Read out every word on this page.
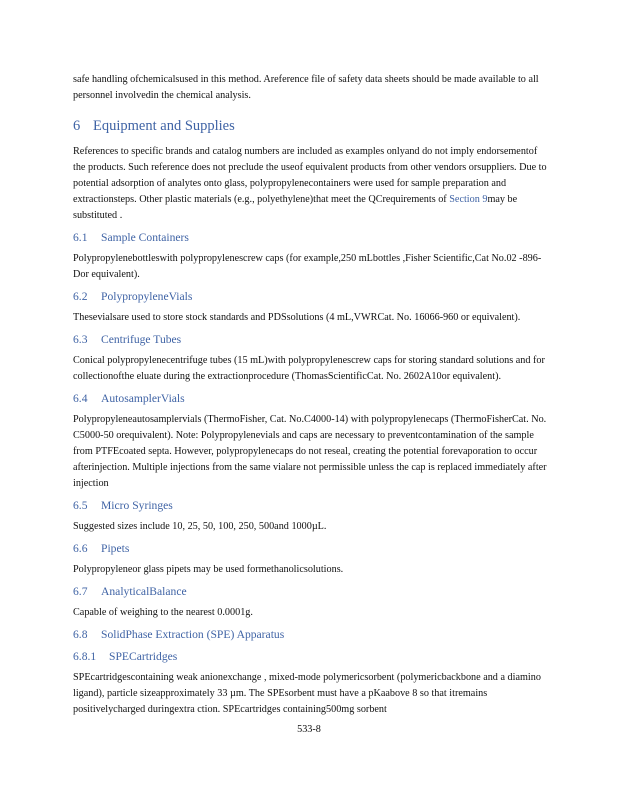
safe handling ofchemicalsused in this method. Areference file of safety data sheets should be made available to all personnel involvedin the chemical analysis.

6 Equipment and Supplies

References to specific brands and catalog numbers are included as examples onlyand do not imply endorsementof the products. Such reference does not preclude the useof equivalent products from other vendors orsuppliers. Due to potential adsorption of analytes onto glass, polypropylenecontainers were used for sample preparation and extractionsteps. Other plastic materials (e.g., polyethylene)that meet the QCrequirements of Section 9may be substituted .

6.1 Sample Containers

Polypropylenebottleswith polypropylenescrew caps (for example,250 mLbottles ,Fisher Scientific,Cat No.02 -896-Dor equivalent).

6.2 PolypropyleneVials

Thesevialsare used to store stock standards and PDSsolutions (4 mL,VWRCat. No. 16066-960 or equivalent).

6.3 Centrifuge Tubes

Conical polypropylenecentrifuge tubes (15 mL)with polypropylenescrew caps for storing standard solutions and for collectionofthe eluate during the extractionprocedure (ThomasScientificCat. No. 2602A10or equivalent).

6.4 AutosamplerVials

Polypropyleneautosamplervials (ThermoFisher, Cat. No.C4000-14) with polypropylenecaps (ThermoFisherCat. No. C5000-50 orequivalent). Note: Polypropylenevials and caps are necessary to preventcontamination of the sample from PTFEcoated septa. However, polypropylenecaps do not reseal, creating the potential forevaporation to occur afterinjection. Multiple injections from the same vialare not permissible unless the cap is replaced immediately after injection

6.5 Micro Syringes

Suggested sizes include 10, 25, 50, 100, 250, 500and 1000µL.

6.6 Pipets

Polypropyleneor glass pipets may be used formethanolicsolutions.

6.7 AnalyticalBalance

Capable of weighing to the nearest 0.0001g.

6.8 SolidPhase Extraction (SPE) Apparatus
6.8.1 SPECartridges

SPEcartridgescontaining weak anionexchange , mixed-mode polymericsorbent (polymericbackbone and a diamino ligand), particle sizeapproximately 33 µm. The SPEsorbent must have a pKaabove 8 so that itremains positivelycharged duringextra ction. SPEcartridges containing500mg sorbent

533-8
